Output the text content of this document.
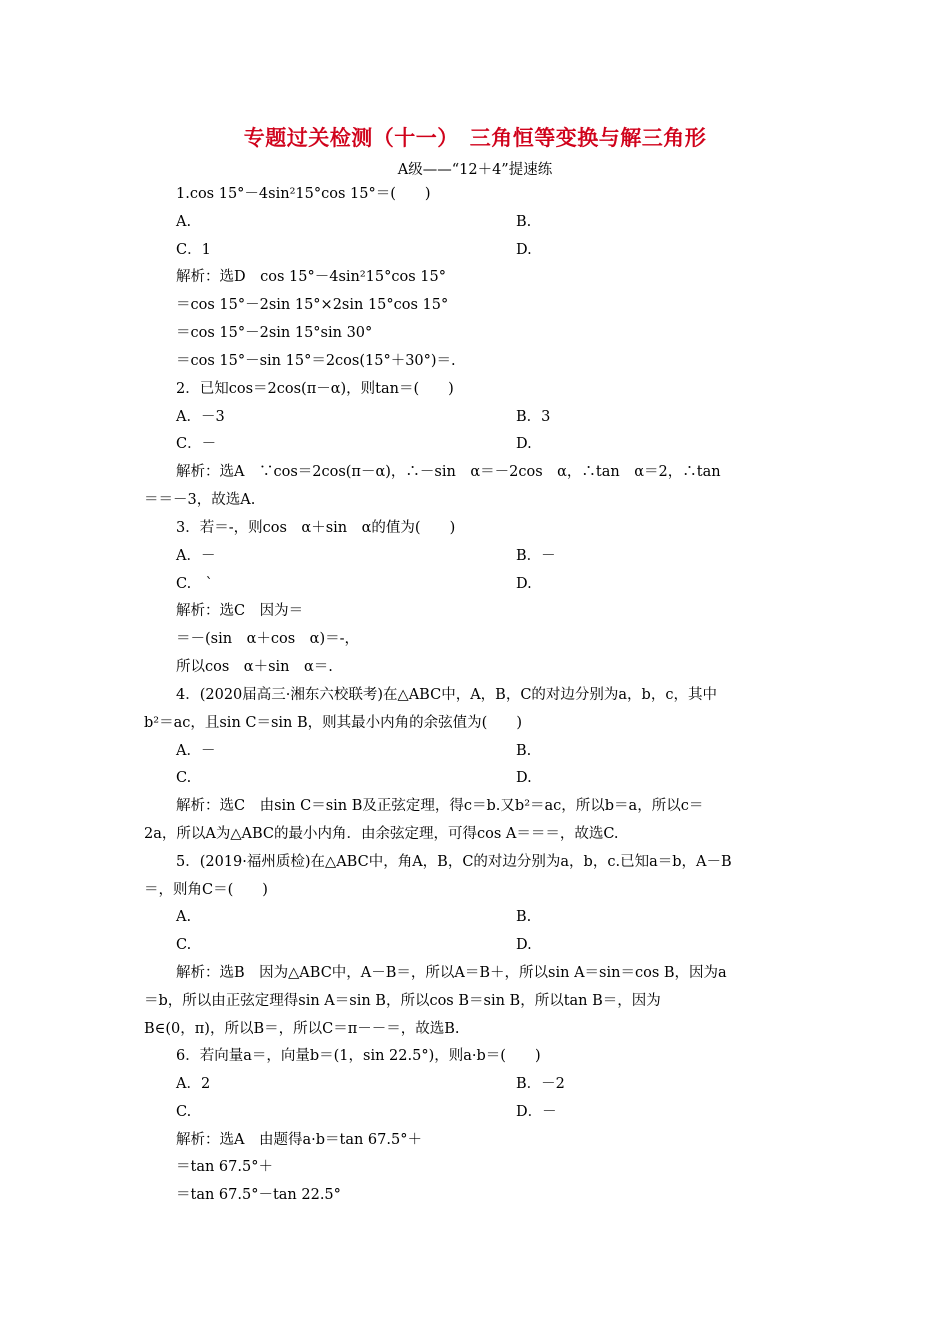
专题过关检测（十一）　三角恒等变换与解三角形
A级——“12＋4”提速练
1.cos 15°－4sin²15°cos 15°＝(　　)
A.	B.
C．1	D.
解析：选D　cos 15°－4sin²15°cos 15°
＝cos 15°－2sin 15°×2sin 15°cos 15°
＝cos 15°－2sin 15°sin 30°
＝cos 15°－sin 15°＝2cos(15°＋30°)＝.
2．已知cos＝2cos(π－α)，则tan＝(　　)
A．－3	B．3
C．－	D.
解析：选A　∵cos＝2cos(π－α)，∴－sin　α＝－2cos　α，∴tan　α＝2，∴tan
＝＝－3，故选A.
3．若＝-，则cos　α＋sin　α的值为(　　)
A．－	B．－
C.　`	D.
解析：选C　因为＝
＝－(sin　α＋cos　α)＝-，
所以cos　α＋sin　α＝.
4．(2020届高三·湘东六校联考)在△ABC中，A，B，C的对边分别为a，b，c，其中
b²＝ac，且sin C＝sin B，则其最小内角的余弦值为(　　)
A．－	B.
C.	D.
解析：选C　由sin C＝sin B及正弦定理，得c＝b.又b²＝ac，所以b＝a，所以c＝
2a，所以A为△ABC的最小内角．由余弦定理，可得cos A＝＝＝，故选C.
5．(2019·福州质检)在△ABC中，角A，B，C的对边分别为a，b，c.已知a＝b，A－B
＝，则角C＝(　　)
A.	B.
C.	D.
解析：选B　因为△ABC中，A－B＝，所以A＝B＋，所以sin A＝sin＝cos B，因为a
＝b，所以由正弦定理得sin A＝sin B，所以cos B＝sin B，所以tan B＝，因为
B∈(0，π)，所以B＝，所以C＝π－－＝，故选B.
6．若向量a＝，向量b＝(1，sin 22.5°)，则a·b＝(　　)
A．2	B．－2
C.	D．－
解析：选A　由题得a·b＝tan 67.5°＋
＝tan 67.5°＋
＝tan 67.5°－tan 22.5°
